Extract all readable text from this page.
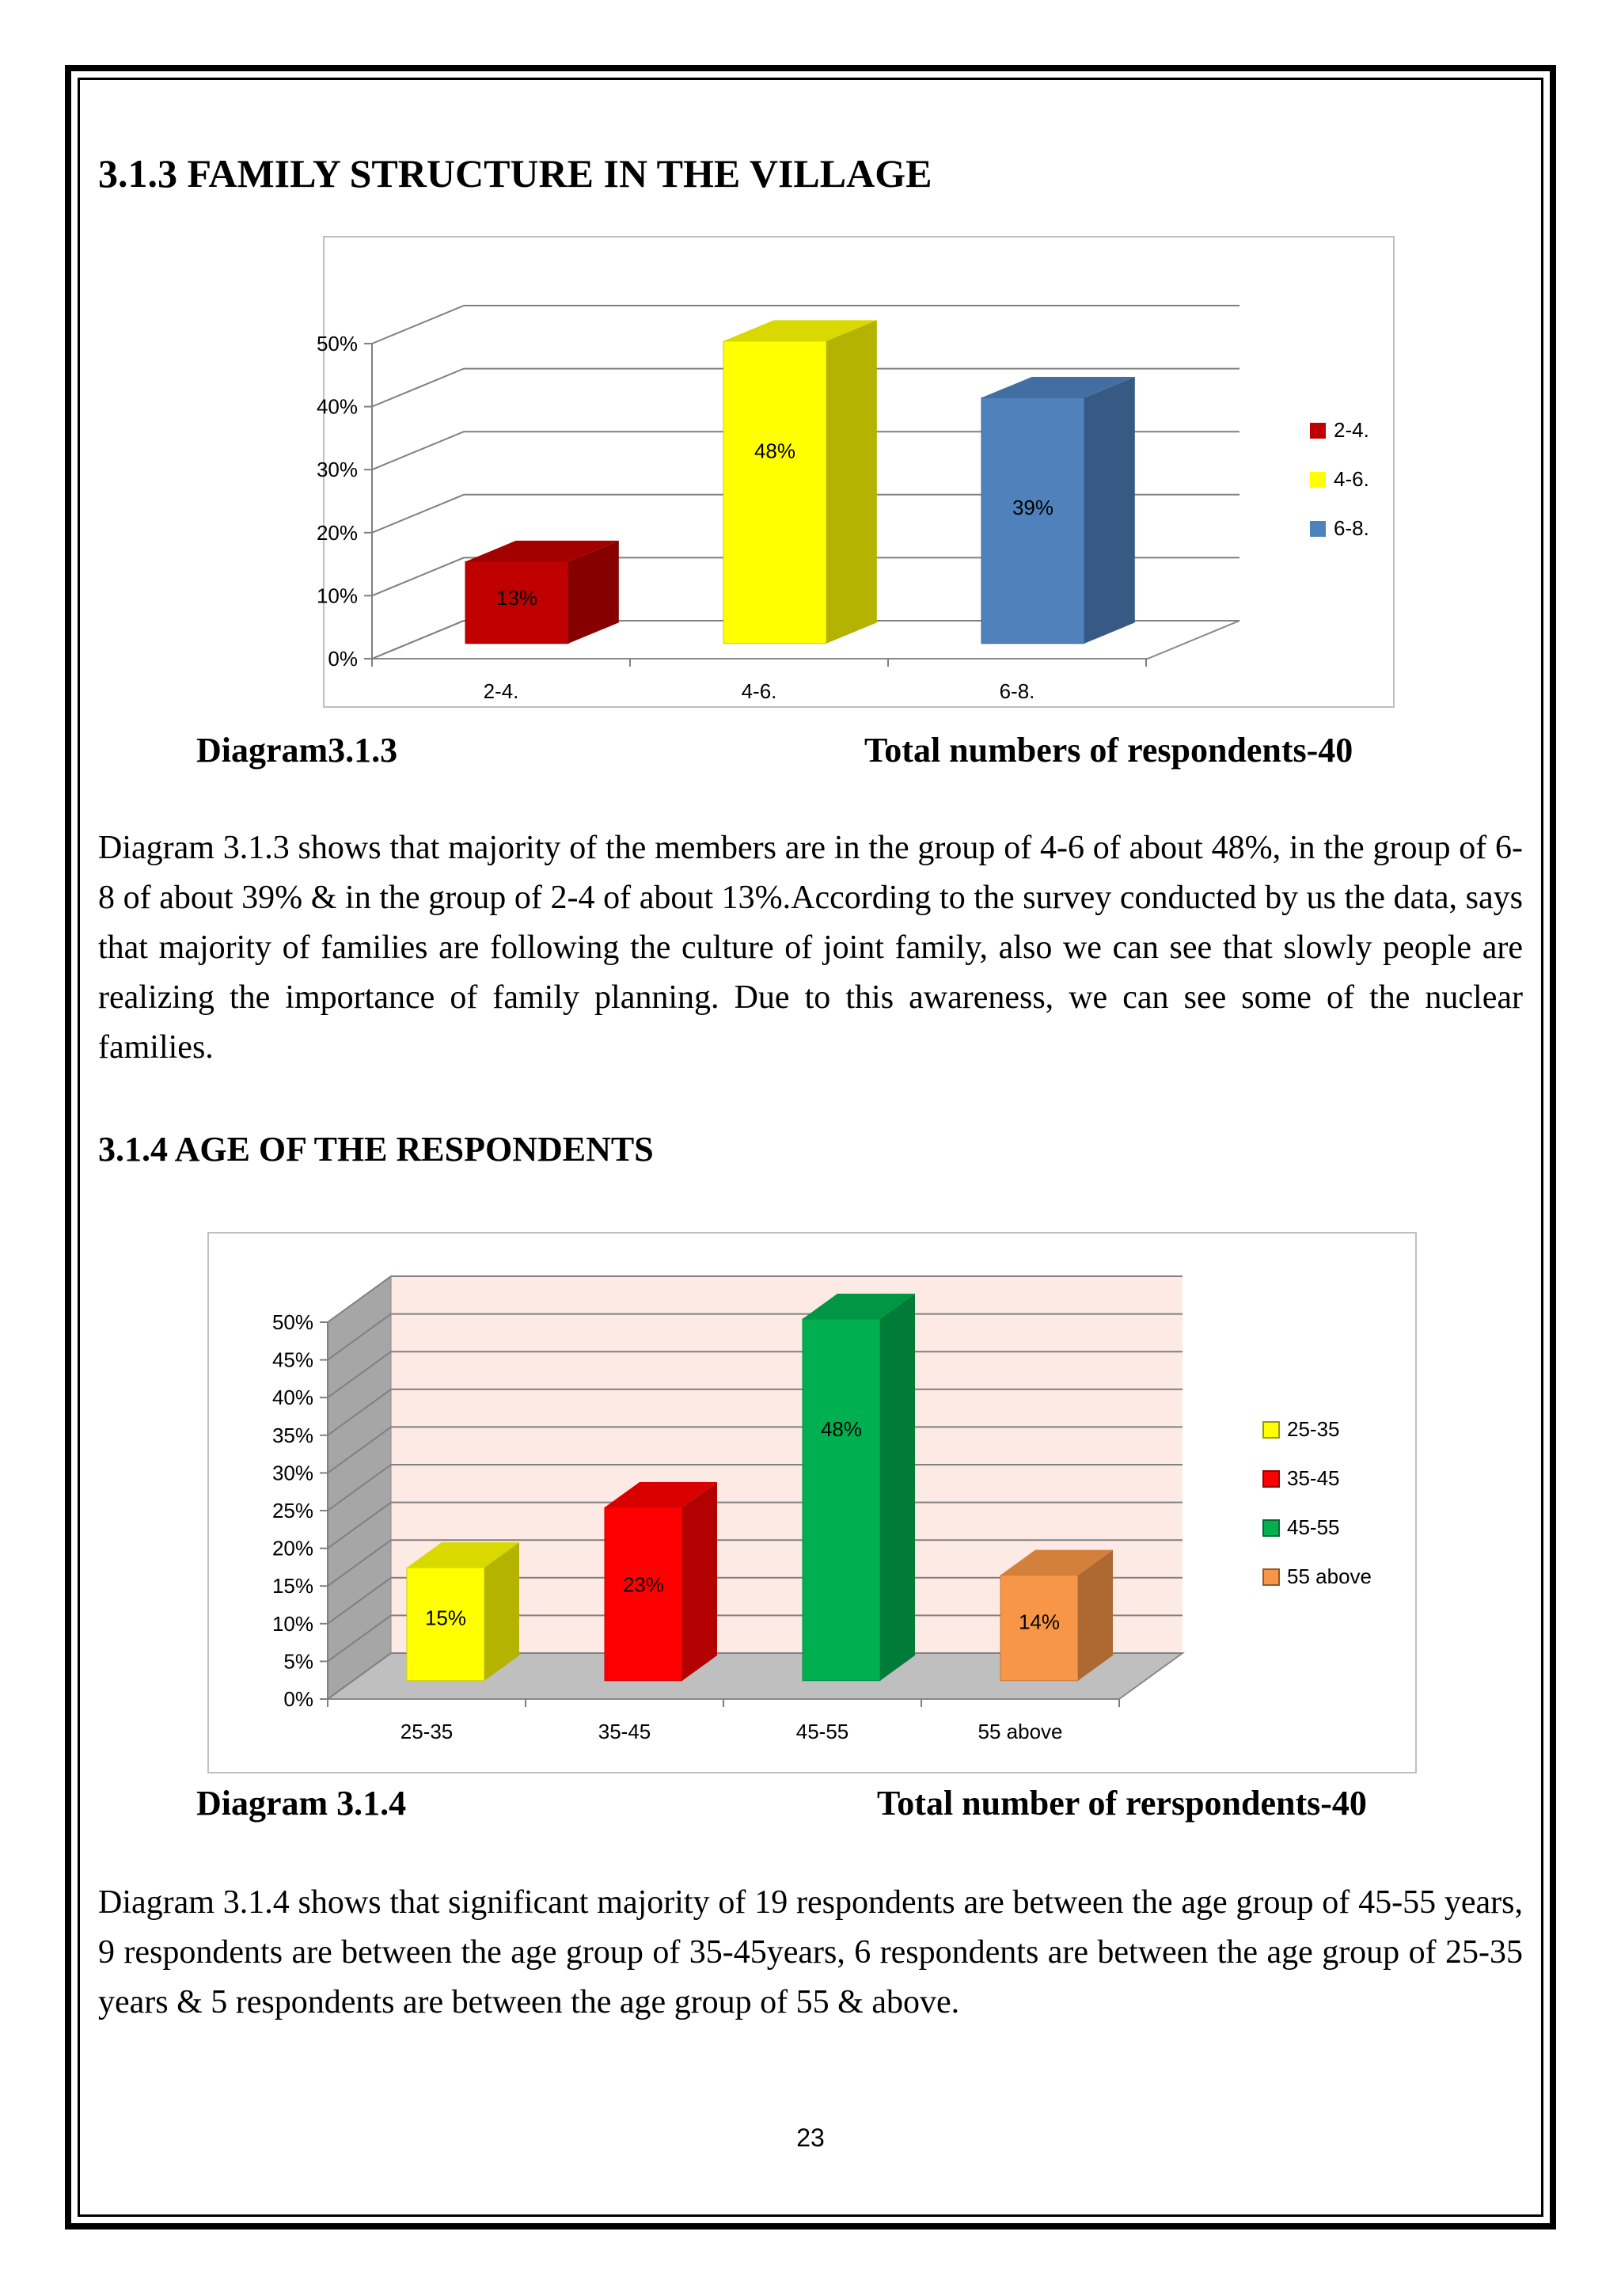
3.1.3 FAMILY STRUCTURE IN THE VILLAGE
0%
10%
20%
30%
40%
50%
13%
2-4.
48%
4-6.
39%
6-8.
2-4.
4-6.
6-8.
Diagram3.1.3	Total numbers of respondents-40

Diagram 3.1.3 shows that majority of the members are in the group of 4-6 of about 48%, in the group of 6-8 of about 39% & in the group of 2-4 of about 13%.According to the survey conducted by us the data, says that majority of families are following the culture of joint family, also we can see that slowly people are realizing the importance of family planning. Due to this awareness, we can see some of the nuclear families.

3.1.4 AGE OF THE RESPONDENTS
0%
5%
10%
15%
20%
25%
30%
35%
40%
45%
50%
15%
25-35
23%
35-45
48%
45-55
14%
55 above
25-35
35-45
45-55
55 above
Diagram 3.1.4	Total number of rerspondents-40

Diagram 3.1.4 shows that significant majority of 19 respondents are between the age group of 45-55 years, 9 respondents are between the age group of 35-45years, 6 respondents are between the age group of 25-35 years & 5 respondents are between the age group of 55 & above.

23
